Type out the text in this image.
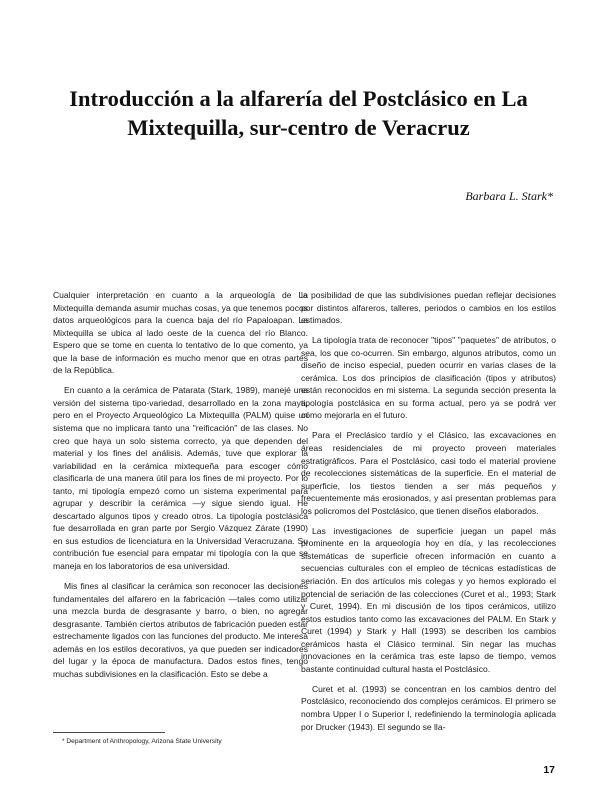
Introducción a la alfarería del Postclásico en La Mixtequilla, sur-centro de Veracruz

Barbara L. Stark*

Cualquier interpretación en cuanto a la arqueología de La Mixtequilla demanda asumir muchas cosas, ya que tenemos pocos datos arqueológicos para la cuenca baja del río Papaloapan. La Mixtequilla se ubica al lado oeste de la cuenca del río Blanco. Espero que se tome en cuenta lo tentativo de lo que comento, ya que la base de información es mucho menor que en otras partes de la República.

En cuanto a la cerámica de Patarata (Stark, 1989), manejé una versión del sistema tipo-variedad, desarrollado en la zona maya, pero en el Proyecto Arqueológico La Mixtequilla (PALM) quise un sistema que no implicara tanto una "reificación" de las clases. No creo que haya un solo sistema correcto, ya que dependen del material y los fines del análisis. Además, tuve que explorar la variabilidad en la cerámica mixtequeña para escoger cómo clasificarla de una manera útil para los fines de mi proyecto. Por lo tanto, mi tipología empezó como un sistema experimental para agrupar y describir la cerámica —y sigue siendo igual. He descartado algunos tipos y creado otros. La tipología postclásica fue desarrollada en gran parte por Sergio Vázquez Zárate (1990) en sus estudios de licenciatura en la Universidad Veracruzana. Su contribución fue esencial para empatar mi tipología con la que se maneja en los laboratorios de esa universidad.

Mis fines al clasificar la cerámica son reconocer las decisiones fundamentales del alfarero en la fabricación —tales como utilizar una mezcla burda de desgrasante y barro, o bien, no agregar desgrasante. También ciertos atributos de fabricación pueden estar estrechamente ligados con las funciones del producto. Me interesa además en los estilos decorativos, ya que pueden ser indicadores del lugar y la época de manufactura. Dados estos fines, tengo muchas subdivisiones en la clasificación. Esto se debe a

la posibilidad de que las subdivisiones puedan reflejar decisiones por distintos alfareros, talleres, periodos o cambios en los estilos estimados.

La tipología trata de reconocer "tipos" "paquetes" de atributos, o sea, los que co-ocurren. Sin embargo, algunos atributos, como un diseño de inciso especial, pueden ocurrir en varias clases de la cerámica. Los dos principios de clasificación (tipos y atributos) están reconocidos en mi sistema. La segunda sección presenta la tipología postclásica en su forma actual, pero ya se podrá ver cómo mejorarla en el futuro.

Para el Preclásico tardío y el Clásico, las excavaciones en áreas residenciales de mi proyecto proveen materiales estratigráficos. Para el Postclásico, casi todo el material proviene de recolecciones sistemáticas de la superficie. En el material de superficie, los tiestos tienden a ser más pequeños y frecuentemente más erosionados, y así presentan problemas para los policromos del Postclásico, que tienen diseños elaborados.

Las investigaciones de superficie juegan un papel más prominente en la arqueología hoy en día, y las recolecciones sistemáticas de superficie ofrecen información en cuanto a secuencias culturales con el empleo de técnicas estadísticas de seriación. En dos artículos mis colegas y yo hemos explorado el potencial de seriación de las colecciones (Curet et al., 1993; Stark y Curet, 1994). En mi discusión de los tipos cerámicos, utilizo estos estudios tanto como las excavaciones del PALM. En Stark y Curet (1994) y Stark y Hall (1993) se describen los cambios cerámicos hasta el Clásico terminal. Sin negar las muchas innovaciones en la cerámica tras este lapso de tiempo, vemos bastante continuidad cultural hasta el Postclásico.

Curet et al. (1993) se concentran en los cambios dentro del Postclásico, reconociendo dos complejos cerámicos. El primero se nombra Upper I o Superior I, redefiniendo la terminología aplicada por Drucker (1943). El segundo se lla-

* Department of Anthropology, Arizona State University

17
